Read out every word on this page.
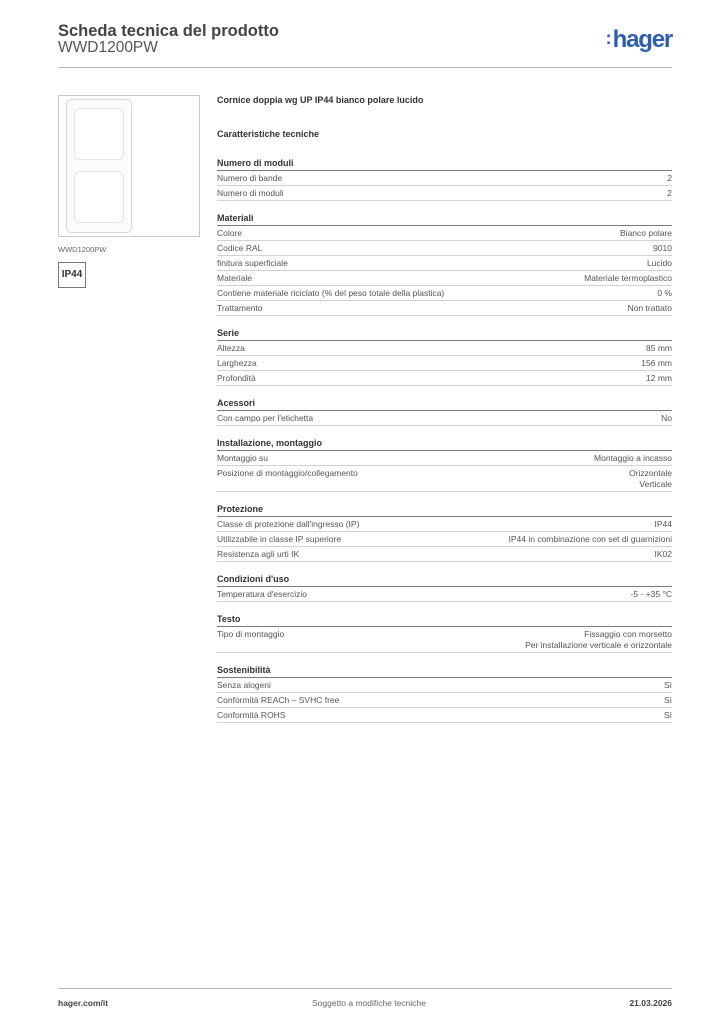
Scheda tecnica del prodotto
WWD1200PW	:hager
WWD1200PW
IP44
Cornice doppia wg UP IP44 bianco polare lucido
Caratteristiche tecniche
Numero di moduli
Numero di bande	2
Numero di moduli	2
Materiali
Colore	Bianco polare
Codice RAL	9010
finitura superficiale	Lucido
Materiale	Materiale termoplastico
Contiene materiale riciclato (% del peso totale della plastica)	0 %
Trattamento	Non trattato
Serie
Altezza	85 mm
Larghezza	156 mm
Profondità	12 mm
Acessori
Con campo per l'etichetta	No
Installazione, montaggio
Montaggio su	Montaggio a incasso
Posizione di montaggio/collegamento	Orizzontale
Verticale
Protezione
Classe di protezione dall'ingresso (IP)	IP44
Utilizzabile in classe IP superiore	IP44 in combinazione con set di guarnizioni
Resistenza agli urti IK	IK02
Condizioni d'uso
Temperatura d'esercizio	-5 - +35 °C
Testo
Tipo di montaggio	Fissaggio con morsetto
Per installazione verticale e orizzontale
Sostenibilità
Senza alogeni	Sì
Conformità REACh – SVHC free	Sì
Conformità ROHS	Sì
hager.com/it	Soggetto a modifiche tecniche	21.03.2026
